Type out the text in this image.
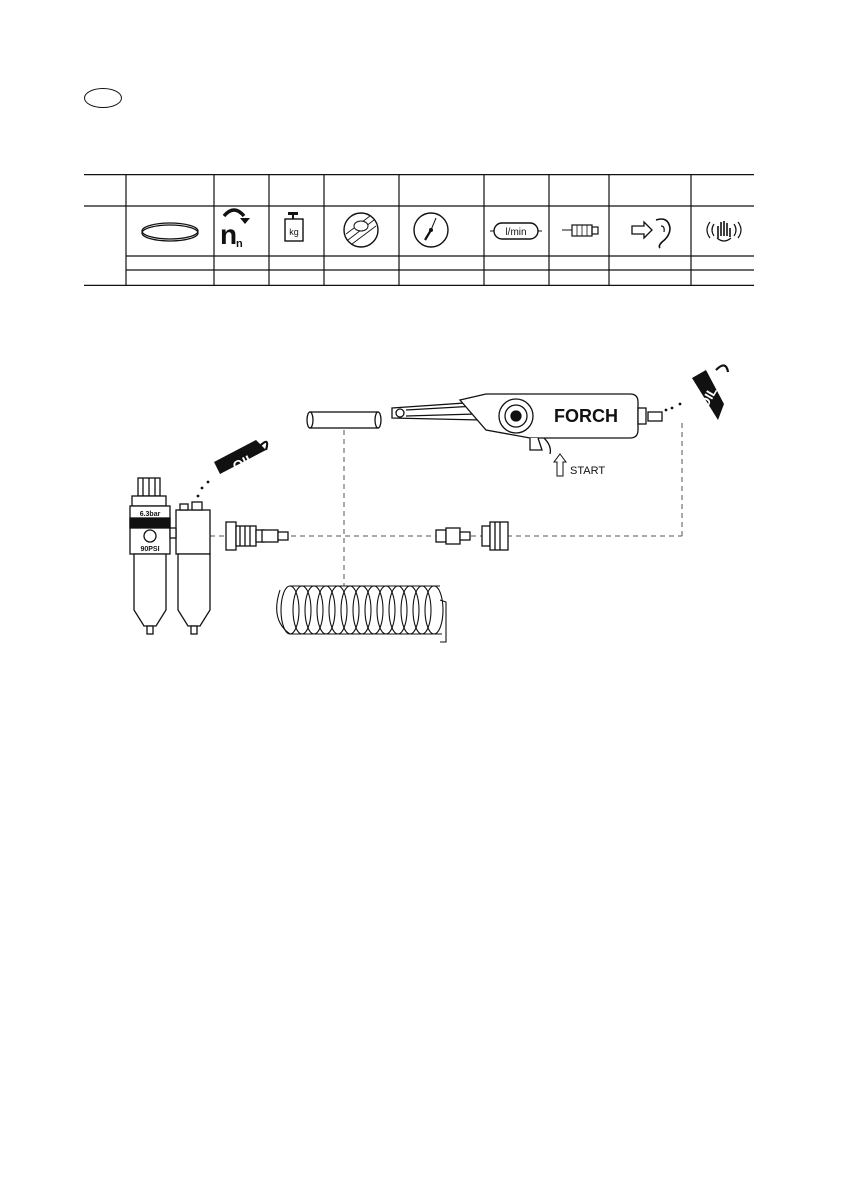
n
n
kg	l/min
FORCH
START
OIL
OIL
6.3bar
90PSI
